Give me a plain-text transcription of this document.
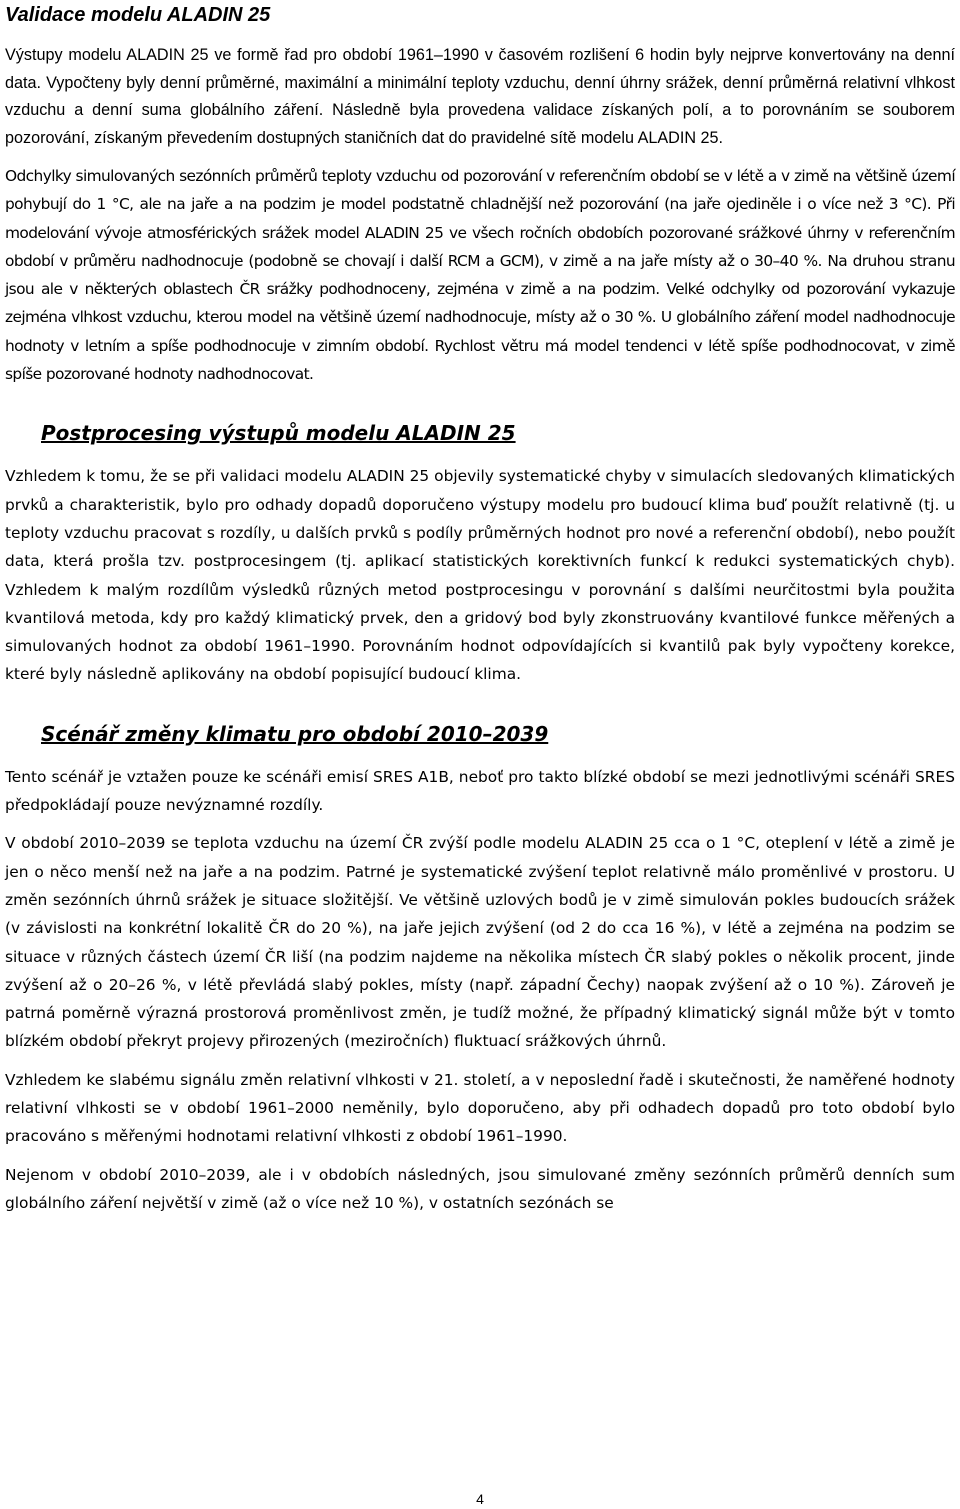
Validace modelu ALADIN 25

Výstupy modelu ALADIN 25 ve formě řad pro období 1961–1990 v časovém rozlišení 6 hodin byly nejprve konvertovány na denní data. Vypočteny byly denní průměrné, maximální a minimální teploty vzduchu, denní úhrny srážek, denní průměrná relativní vlhkost vzduchu a denní suma globálního záření. Následně byla provedena validace získaných polí, a to porovnáním se souborem pozorování, získaným převedením dostupných staničních dat do pravidelné sítě modelu ALADIN 25.

Odchylky simulovaných sezónních průměrů teploty vzduchu od pozorování v referenčním období se v létě a v zimě na většině území pohybují do 1 °C, ale na jaře a na podzim je model podstatně chladnější než pozorování (na jaře ojediněle i o více než 3 °C). Při modelování vývoje atmosférických srážek model ALADIN 25 ve všech ročních obdobích pozorované srážkové úhrny v referenčním období v průměru nadhodnocuje (podobně se chovají i další RCM a GCM), v zimě a na jaře místy až o 30–40 %. Na druhou stranu jsou ale v některých oblastech ČR srážky podhodnoceny, zejména v zimě a na podzim. Velké odchylky od pozorování vykazuje zejména vlhkost vzduchu, kterou model na většině území nadhodnocuje, místy až o 30 %. U globálního záření model nadhodnocuje hodnoty v letním a spíše podhodnocuje v zimním období. Rychlost větru má model tendenci v létě spíše podhodnocovat, v zimě spíše pozorované hodnoty nadhodnocovat.

Postprocesing výstupů modelu ALADIN 25

Vzhledem k tomu, že se při validaci modelu ALADIN 25 objevily systematické chyby v simulacích sledovaných klimatických prvků a charakteristik, bylo pro odhady dopadů doporučeno výstupy modelu pro budoucí klima buď použít relativně (tj. u teploty vzduchu pracovat s rozdíly, u dalších prvků s podíly průměrných hodnot pro nové a referenční období), nebo použít data, která prošla tzv. postprocesingem (tj. aplikací statistických korektivních funkcí k redukci systematických chyb). Vzhledem k malým rozdílům výsledků různých metod postprocesingu v porovnání s dalšími neurčitostmi byla použita kvantilová metoda, kdy pro každý klimatický prvek, den a gridový bod byly zkonstruovány kvantilové funkce měřených a simulovaných hodnot za období 1961–1990. Porovnáním hodnot odpovídajících si kvantilů pak byly vypočteny korekce, které byly následně aplikovány na období popisující budoucí klima.

Scénář změny klimatu pro období 2010–2039

Tento scénář je vztažen pouze ke scénáři emisí SRES A1B, neboť pro takto blízké období se mezi jednotlivými scénáři SRES předpokládají pouze nevýznamné rozdíly.

V období 2010–2039 se teplota vzduchu na území ČR zvýší podle modelu ALADIN 25 cca o 1 °C, oteplení v létě a zimě je jen o něco menší než na jaře a na podzim. Patrné je systematické zvýšení teplot relativně málo proměnlivé v prostoru. U změn sezónních úhrnů srážek je situace složitější. Ve většině uzlových bodů je v zimě simulován pokles budoucích srážek (v závislosti na konkrétní lokalitě ČR do 20 %), na jaře jejich zvýšení (od 2 do cca 16 %), v létě a zejména na podzim se situace v různých částech území ČR liší (na podzim najdeme na několika místech ČR slabý pokles o několik procent, jinde zvýšení až o 20–26 %, v létě převládá slabý pokles, místy (např. západní Čechy) naopak zvýšení až o 10 %). Zároveň je patrná poměrně výrazná prostorová proměnlivost změn, je tudíž možné, že případný klimatický signál může být v tomto blízkém období překryt projevy přirozených (meziročních) fluktuací srážkových úhrnů.

Vzhledem ke slabému signálu změn relativní vlhkosti v 21. století, a v neposlední řadě i skutečnosti, že naměřené hodnoty relativní vlhkosti se v období 1961–2000 neměnily, bylo doporučeno, aby při odhadech dopadů pro toto období bylo pracováno s měřenými hodnotami relativní vlhkosti z období 1961–1990.

Nejenom v období 2010–2039, ale i v obdobích následných, jsou simulované změny sezónních průměrů denních sum globálního záření největší v zimě (až o více než 10 %), v ostatních sezónách se

4
